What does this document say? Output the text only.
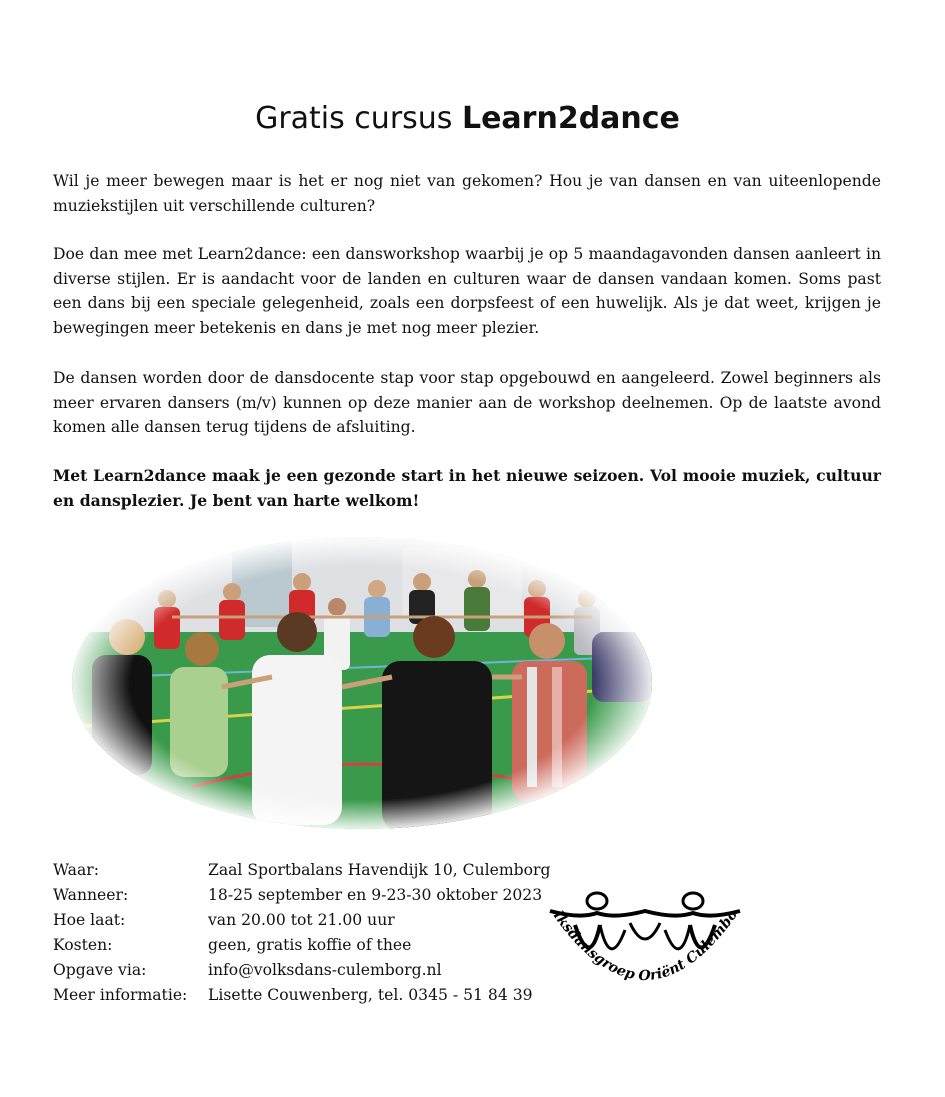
Gratis cursus Learn2dance

Wil je meer bewegen maar is het er nog niet van gekomen? Hou je van dansen en van uiteenlopende muziekstijlen uit verschillende culturen?

Doe dan mee met Learn2dance: een dansworkshop waarbij je op 5 maandagavonden dansen aanleert in diverse stijlen. Er is aandacht voor de landen en culturen waar de dansen vandaan komen. Soms past een dans bij een speciale gelegenheid, zoals een dorpsfeest of een huwelijk. Als je dat weet, krijgen je bewegingen meer betekenis en dans je met nog meer plezier.

De dansen worden door de dansdocente stap voor stap opgebouwd en aangeleerd. Zowel beginners als meer ervaren dansers (m/v) kunnen op deze manier aan de workshop deelnemen. Op de laatste avond komen alle dansen terug tijdens de afsluiting.

Met Learn2dance maak je een gezonde start in het nieuwe seizoen. Vol mooie muziek, cultuur en dansplezier. Je bent van harte welkom!

Waar:	Zaal Sportbalans Havendijk 10, Culemborg
Wanneer:	18-25 september en 9-23-30 oktober 2023
Hoe laat:	van 20.00 tot 21.00 uur
Kosten:	geen, gratis koffie of thee
Opgave via:	info@volksdans-culemborg.nl
Meer informatie:	Lisette Couwenberg, tel. 0345 - 51 84 39
lksdansgroep Oriënt Culembo
